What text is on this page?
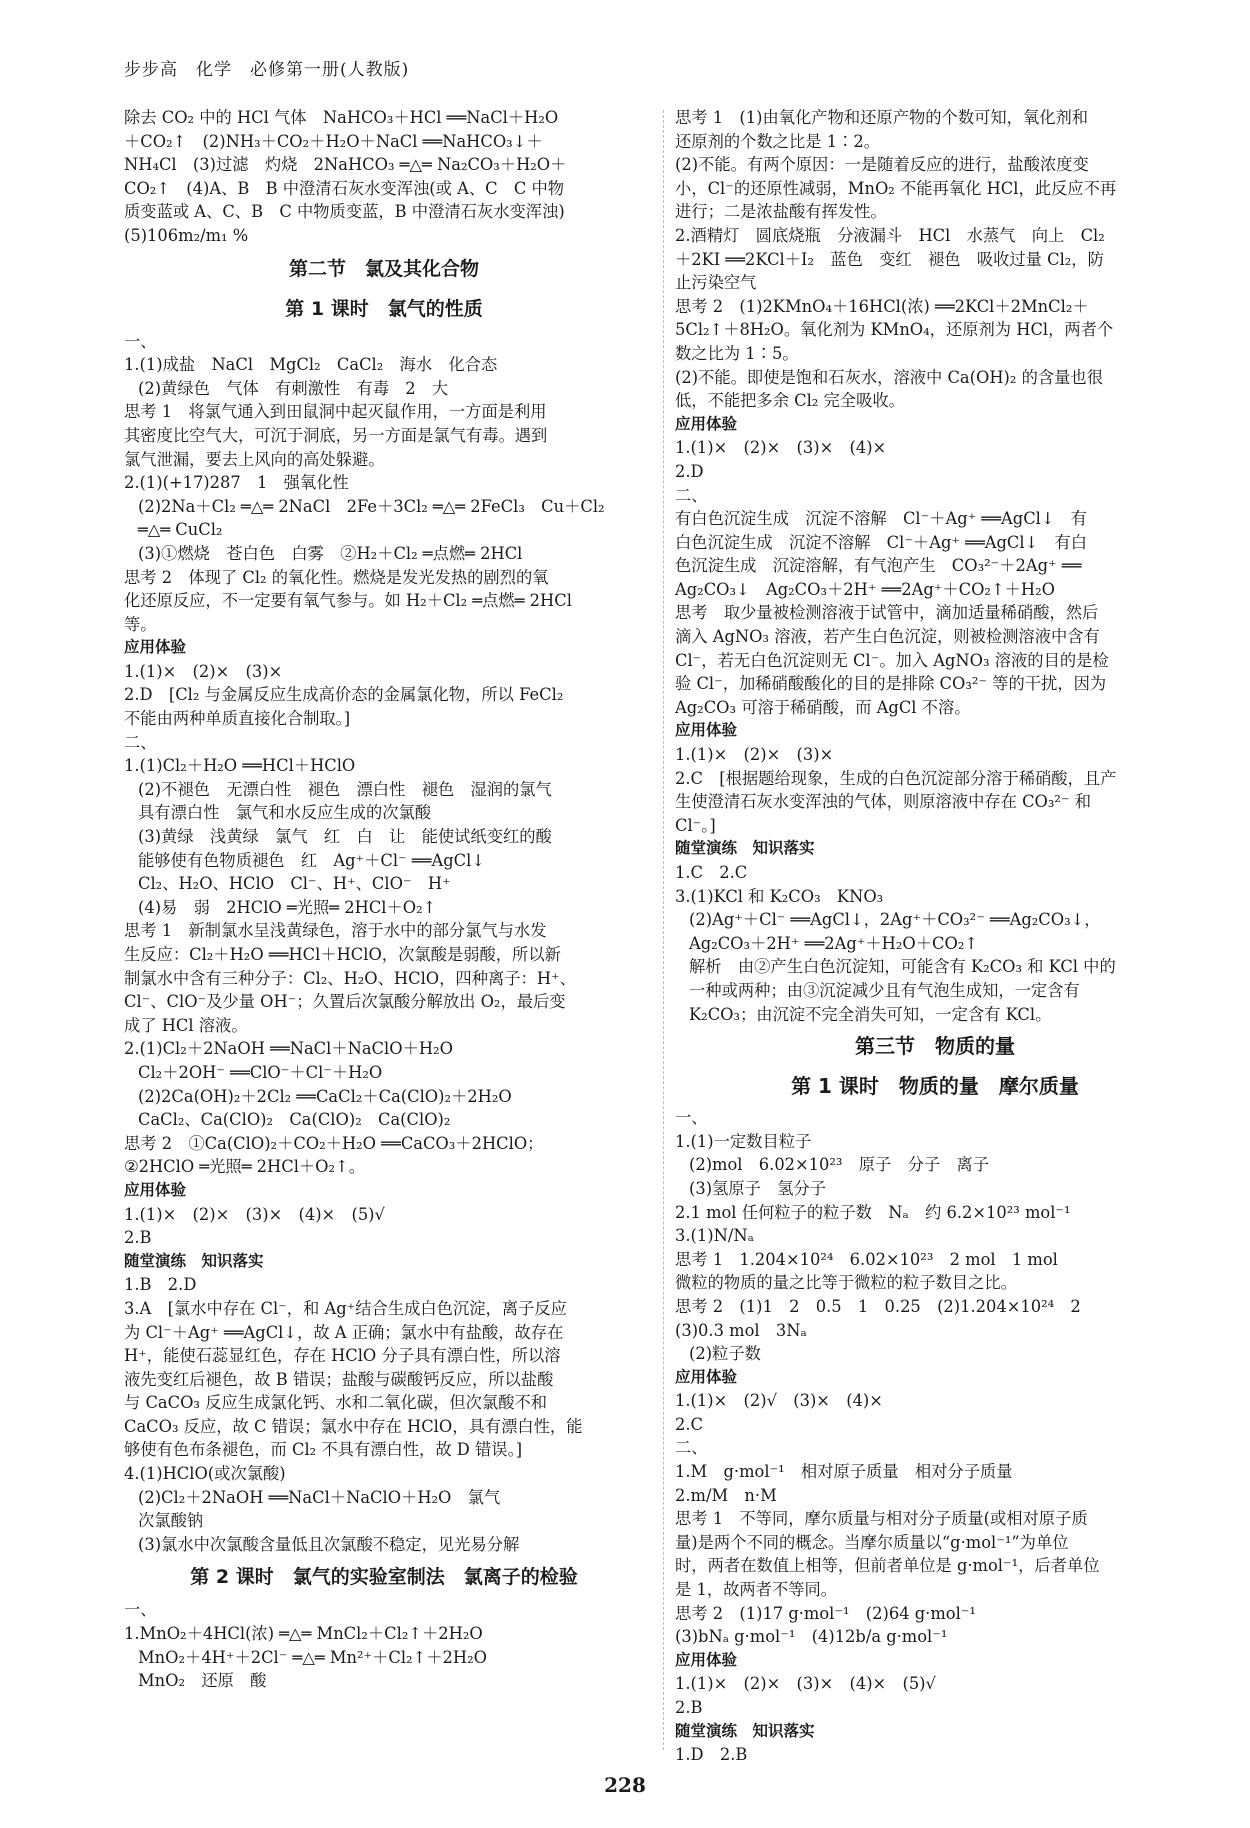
步步高　化学　必修第一册(人教版)
除去 CO₂ 中的 HCl 气体　NaHCO₃＋HCl ══NaCl＋H₂O
＋CO₂↑　(2)NH₃＋CO₂＋H₂O＋NaCl ══NaHCO₃↓＋
NH₄Cl　(3)过滤　灼烧　2NaHCO₃ ═△═ Na₂CO₃＋H₂O＋
CO₂↑　(4)A、B　B 中澄清石灰水变浑浊(或 A、C　C 中物
质变蓝或 A、C、B　C 中物质变蓝，B 中澄清石灰水变浑浊)
(5)106m₂/m₁ %
第二节　氯及其化合物
第 1 课时　氯气的性质
一、
1.(1)成盐　NaCl　MgCl₂　CaCl₂　海水　化合态
(2)黄绿色　气体　有刺激性　有毒　2　大
思考 1　将氯气通入到田鼠洞中起灭鼠作用，一方面是利用
其密度比空气大，可沉于洞底，另一方面是氯气有毒。遇到
氯气泄漏，要去上风向的高处躲避。
2.(1)(+17)287　1　强氧化性
(2)2Na＋Cl₂ ═△═ 2NaCl　2Fe＋3Cl₂ ═△═ 2FeCl₃　Cu＋Cl₂
═△═ CuCl₂
(3)①燃烧　苍白色　白雾　②H₂＋Cl₂ ═点燃═ 2HCl
思考 2　体现了 Cl₂ 的氧化性。燃烧是发光发热的剧烈的氧
化还原反应，不一定要有氧气参与。如 H₂＋Cl₂ ═点燃═ 2HCl
等。
应用体验
1.(1)×　(2)×　(3)×
2.D　[Cl₂ 与金属反应生成高价态的金属氯化物，所以 FeCl₂
不能由两种单质直接化合制取。]
二、
1.(1)Cl₂＋H₂O ══HCl＋HClO
(2)不褪色　无漂白性　褪色　漂白性　褪色　湿润的氯气
具有漂白性　氯气和水反应生成的次氯酸
(3)黄绿　浅黄绿　氯气　红　白　让　能使试纸变红的酸
能够使有色物质褪色　红　Ag⁺＋Cl⁻ ══AgCl↓
Cl₂、H₂O、HClO　Cl⁻、H⁺、ClO⁻　H⁺
(4)易　弱　2HClO ═光照═ 2HCl＋O₂↑
思考 1　新制氯水呈浅黄绿色，溶于水中的部分氯气与水发
生反应：Cl₂＋H₂O ══HCl＋HClO，次氯酸是弱酸，所以新
制氯水中含有三种分子：Cl₂、H₂O、HClO，四种离子：H⁺、
Cl⁻、ClO⁻及少量 OH⁻；久置后次氯酸分解放出 O₂，最后变
成了 HCl 溶液。
2.(1)Cl₂＋2NaOH ══NaCl＋NaClO＋H₂O
Cl₂＋2OH⁻ ══ClO⁻＋Cl⁻＋H₂O
(2)2Ca(OH)₂＋2Cl₂ ══CaCl₂＋Ca(ClO)₂＋2H₂O
CaCl₂、Ca(ClO)₂　Ca(ClO)₂　Ca(ClO)₂
思考 2　①Ca(ClO)₂＋CO₂＋H₂O ══CaCO₃＋2HClO；
②2HClO ═光照═ 2HCl＋O₂↑。
应用体验
1.(1)×　(2)×　(3)×　(4)×　(5)√
2.B
随堂演练　知识落实
1.B　2.D
3.A　[氯水中存在 Cl⁻，和 Ag⁺结合生成白色沉淀，离子反应
为 Cl⁻＋Ag⁺ ══AgCl↓，故 A 正确；氯水中有盐酸，故存在
H⁺，能使石蕊显红色，存在 HClO 分子具有漂白性，所以溶
液先变红后褪色，故 B 错误；盐酸与碳酸钙反应，所以盐酸
与 CaCO₃ 反应生成氯化钙、水和二氧化碳，但次氯酸不和
CaCO₃ 反应，故 C 错误；氯水中存在 HClO，具有漂白性，能
够使有色布条褪色，而 Cl₂ 不具有漂白性，故 D 错误。]
4.(1)HClO(或次氯酸)
(2)Cl₂＋2NaOH ══NaCl＋NaClO＋H₂O　氯气
次氯酸钠
(3)氯水中次氯酸含量低且次氯酸不稳定，见光易分解
第 2 课时　氯气的实验室制法　氯离子的检验
一、
1.MnO₂＋4HCl(浓) ═△═ MnCl₂＋Cl₂↑＋2H₂O
MnO₂＋4H⁺＋2Cl⁻ ═△═ Mn²⁺＋Cl₂↑＋2H₂O
MnO₂　还原　酸
思考 1　(1)由氧化产物和还原产物的个数可知，氧化剂和
还原剂的个数之比是 1∶2。
(2)不能。有两个原因：一是随着反应的进行，盐酸浓度变
小，Cl⁻的还原性减弱，MnO₂ 不能再氧化 HCl，此反应不再
进行；二是浓盐酸有挥发性。
2.酒精灯　圆底烧瓶　分液漏斗　HCl　水蒸气　向上　Cl₂
＋2KI ══2KCl＋I₂　蓝色　变红　褪色　吸收过量 Cl₂，防
止污染空气
思考 2　(1)2KMnO₄＋16HCl(浓) ══2KCl＋2MnCl₂＋
5Cl₂↑＋8H₂O。氧化剂为 KMnO₄，还原剂为 HCl，两者个
数之比为 1∶5。
(2)不能。即使是饱和石灰水，溶液中 Ca(OH)₂ 的含量也很
低，不能把多余 Cl₂ 完全吸收。
应用体验
1.(1)×　(2)×　(3)×　(4)×
2.D
二、
有白色沉淀生成　沉淀不溶解　Cl⁻＋Ag⁺ ══AgCl↓　有
白色沉淀生成　沉淀不溶解　Cl⁻＋Ag⁺ ══AgCl↓　有白
色沉淀生成　沉淀溶解，有气泡产生　CO₃²⁻＋2Ag⁺ ══
Ag₂CO₃↓　Ag₂CO₃＋2H⁺ ══2Ag⁺＋CO₂↑＋H₂O
思考　取少量被检测溶液于试管中，滴加适量稀硝酸，然后
滴入 AgNO₃ 溶液，若产生白色沉淀，则被检测溶液中含有
Cl⁻，若无白色沉淀则无 Cl⁻。加入 AgNO₃ 溶液的目的是检
验 Cl⁻，加稀硝酸酸化的目的是排除 CO₃²⁻ 等的干扰，因为
Ag₂CO₃ 可溶于稀硝酸，而 AgCl 不溶。
应用体验
1.(1)×　(2)×　(3)×
2.C　[根据题给现象，生成的白色沉淀部分溶于稀硝酸，且产
生使澄清石灰水变浑浊的气体，则原溶液中存在 CO₃²⁻ 和
Cl⁻。]
随堂演练　知识落实
1.C　2.C
3.(1)KCl 和 K₂CO₃　KNO₃
(2)Ag⁺＋Cl⁻ ══AgCl↓，2Ag⁺＋CO₃²⁻ ══Ag₂CO₃↓，
Ag₂CO₃＋2H⁺ ══2Ag⁺＋H₂O＋CO₂↑
解析　由②产生白色沉淀知，可能含有 K₂CO₃ 和 KCl 中的
一种或两种；由③沉淀减少且有气泡生成知，一定含有
K₂CO₃；由沉淀不完全消失可知，一定含有 KCl。
第三节　物质的量
第 1 课时　物质的量　摩尔质量
一、
1.(1)一定数目粒子
(2)mol　6.02×10²³　原子　分子　离子
(3)氢原子　氢分子
2.1 mol 任何粒子的粒子数　Nₐ　约 6.2×10²³ mol⁻¹
3.(1)N/Nₐ
思考 1　1.204×10²⁴　6.02×10²³　2 mol　1 mol
微粒的物质的量之比等于微粒的粒子数目之比。
思考 2　(1)1　2　0.5　1　0.25　(2)1.204×10²⁴　2
(3)0.3 mol　3Nₐ
(2)粒子数
应用体验
1.(1)×　(2)√　(3)×　(4)×
2.C
二、
1.M　g·mol⁻¹　相对原子质量　相对分子质量
2.m/M　n·M
思考 1　不等同，摩尔质量与相对分子质量(或相对原子质
量)是两个不同的概念。当摩尔质量以“g·mol⁻¹”为单位
时，两者在数值上相等，但前者单位是 g·mol⁻¹，后者单位
是 1，故两者不等同。
思考 2　(1)17 g·mol⁻¹　(2)64 g·mol⁻¹
(3)bNₐ g·mol⁻¹　(4)12b/a g·mol⁻¹
应用体验
1.(1)×　(2)×　(3)×　(4)×　(5)√
2.B
随堂演练　知识落实
1.D　2.B
228
